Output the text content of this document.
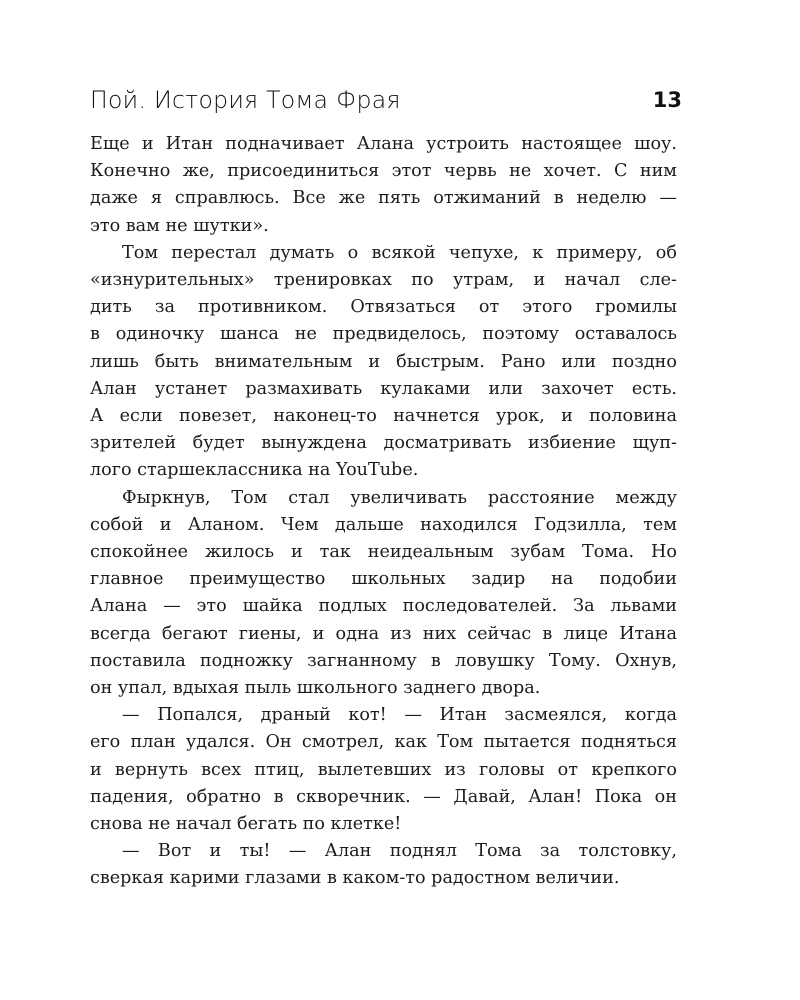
Пой. История Тома Фрая	13
Еще и Итан подначивает Алана устроить настоящее шоу.
Конечно же, присоединиться этот червь не хочет. С ним
даже я справлюсь. Все же пять отжиманий в неделю —
это вам не шутки».
Том перестал думать о всякой чепухе, к примеру, об
«изнурительных» тренировках по утрам, и начал сле-
дить за противником. Отвязаться от этого громилы
в одиночку шанса не предвиделось, поэтому оставалось
лишь быть внимательным и быстрым. Рано или поздно
Алан устанет размахивать кулаками или захочет есть.
А если повезет, наконец-то начнется урок, и половина
зрителей будет вынуждена досматривать избиение щуп-
лого старшеклассника на YouTube.
Фыркнув, Том стал увеличивать расстояние между
собой и Аланом. Чем дальше находился Годзилла, тем
спокойнее жилось и так неидеальным зубам Тома. Но
главное преимущество школьных задир на подобии
Алана — это шайка подлых последователей. За львами
всегда бегают гиены, и одна из них сейчас в лице Итана
поставила подножку загнанному в ловушку Тому. Охнув,
он упал, вдыхая пыль школьного заднего двора.
— Попался, драный кот! — Итан засмеялся, когда
его план удался. Он смотрел, как Том пытается подняться
и вернуть всех птиц, вылетевших из головы от крепкого
падения, обратно в скворечник. — Давай, Алан! Пока он
снова не начал бегать по клетке!
— Вот и ты! — Алан поднял Тома за толстовку,
сверкая карими глазами в каком-то радостном величии.
